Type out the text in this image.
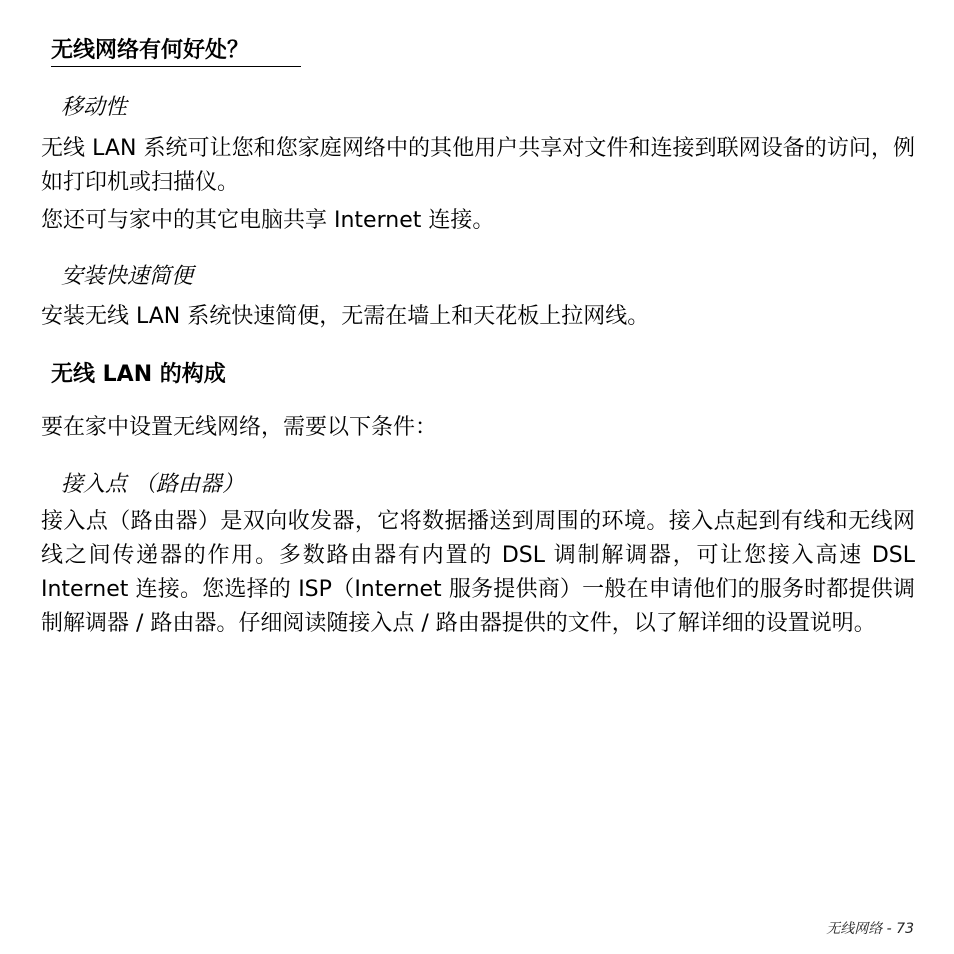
无线网络有何好处？
移动性
无线 LAN 系统可让您和您家庭网络中的其他用户共享对文件和连接到联网设备的访问，例如打印机或扫描仪。
您还可与家中的其它电脑共享 Internet 连接。
安装快速简便
安装无线 LAN 系统快速简便，无需在墙上和天花板上拉网线。
无线 LAN 的构成
要在家中设置无线网络，需要以下条件：
接入点 （路由器）
接入点（路由器）是双向收发器，它将数据播送到周围的环境。接入点起到有线和无线网线之间传递器的作用。多数路由器有内置的 DSL 调制解调器，可让您接入高速 DSL Internet 连接。您选择的 ISP（Internet 服务提供商）一般在申请他们的服务时都提供调制解调器 / 路由器。仔细阅读随接入点 / 路由器提供的文件，以了解详细的设置说明。
无线网络 - 73
